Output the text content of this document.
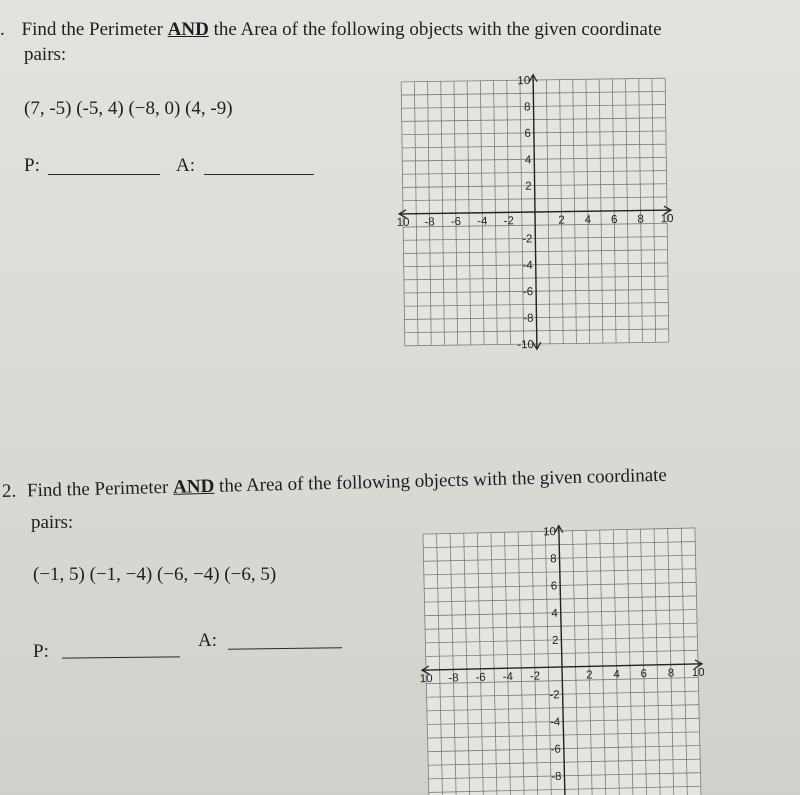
. Find the Perimeter AND the Area of the following objects with the given coordinate
pairs:
(7, -5) (-5, 4) (−8, 0) (4, -9)
P:	A:
10 -8 -6 -4 -2	2 4 6 8 10
10
8
6
4
2
-2
-4
-6
-8
-10
2. Find the Perimeter AND the Area of the following objects with the given coordinate
pairs:
(−1, 5) (−1, −4) (−6, −4) (−6, 5)
P:
A:
10 -8 -6 -4 -2	2 4 6 8 10
10
8
6
4
2
-2
-4
-6
-8
